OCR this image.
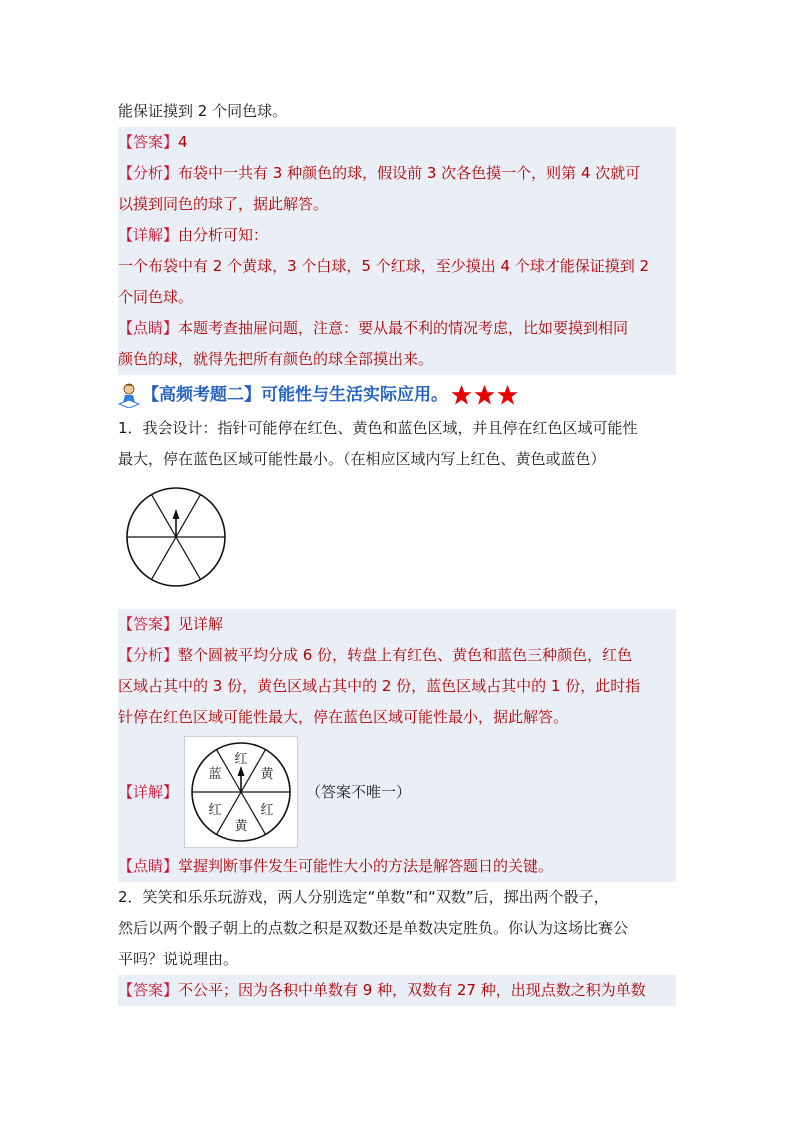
能保证摸到 2 个同色球。
【答案】4
【分析】布袋中一共有 3 种颜色的球，假设前 3 次各色摸一个，则第 4 次就可
以摸到同色的球了，据此解答。
【详解】由分析可知：
一个布袋中有 2 个黄球，3 个白球，5 个红球，至少摸出 4 个球才能保证摸到 2
个同色球。
【点睛】本题考查抽屉问题，注意：要从最不利的情况考虑，比如要摸到相同
颜色的球，就得先把所有颜色的球全部摸出来。
【高频考题二】可能性与生活实际应用。
1．我会设计：指针可能停在红色、黄色和蓝色区域，并且停在红色区域可能性
最大，停在蓝色区域可能性最小。（在相应区域内写上红色、黄色或蓝色）
【答案】见详解
【分析】整个圆被平均分成 6 份，转盘上有红色、黄色和蓝色三种颜色，红色
区域占其中的 3 份，黄色区域占其中的 2 份，蓝色区域占其中的 1 份，此时指
针停在红色区域可能性最大，停在蓝色区域可能性最小，据此解答。
【详解】
红
黄
红
黄
红
蓝
（答案不唯一）
【点睛】掌握判断事件发生可能性大小的方法是解答题日的关键。
2．笑笑和乐乐玩游戏，两人分别选定“单数”和“双数”后，掷出两个骰子，
然后以两个骰子朝上的点数之积是双数还是单数决定胜负。你认为这场比赛公
平吗？说说理由。
【答案】不公平；因为各积中单数有 9 种，双数有 27 种，出现点数之积为单数
